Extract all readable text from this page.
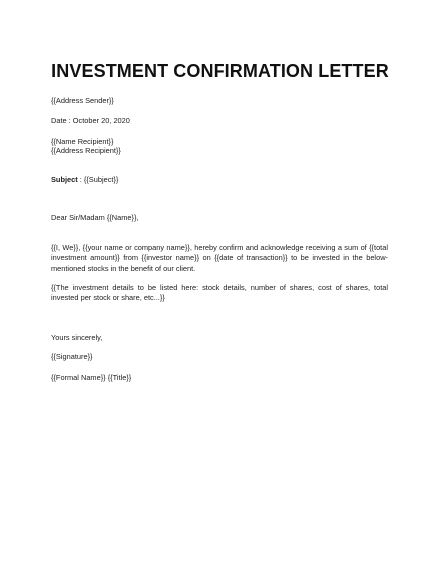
INVESTMENT CONFIRMATION LETTER
{{Address Sender}}
Date : October 20, 2020
{{Name Recipient}}
{{Address Recipient}}
Subject : {{Subject}}
Dear Sir/Madam {{Name}},
{{I, We}}, {{your name or company name}}, hereby confirm and acknowledge receiving a sum of {{total investment amount}} from {{investor name}} on {{date of transaction}} to be invested in the below-mentioned stocks in the benefit of our client.
{{The investment details to be listed here: stock details, number of shares, cost of shares, total invested per stock or share, etc...}}
Yours sincerely,
{{Signature}}
{{Formal Name}} {{Title}}
